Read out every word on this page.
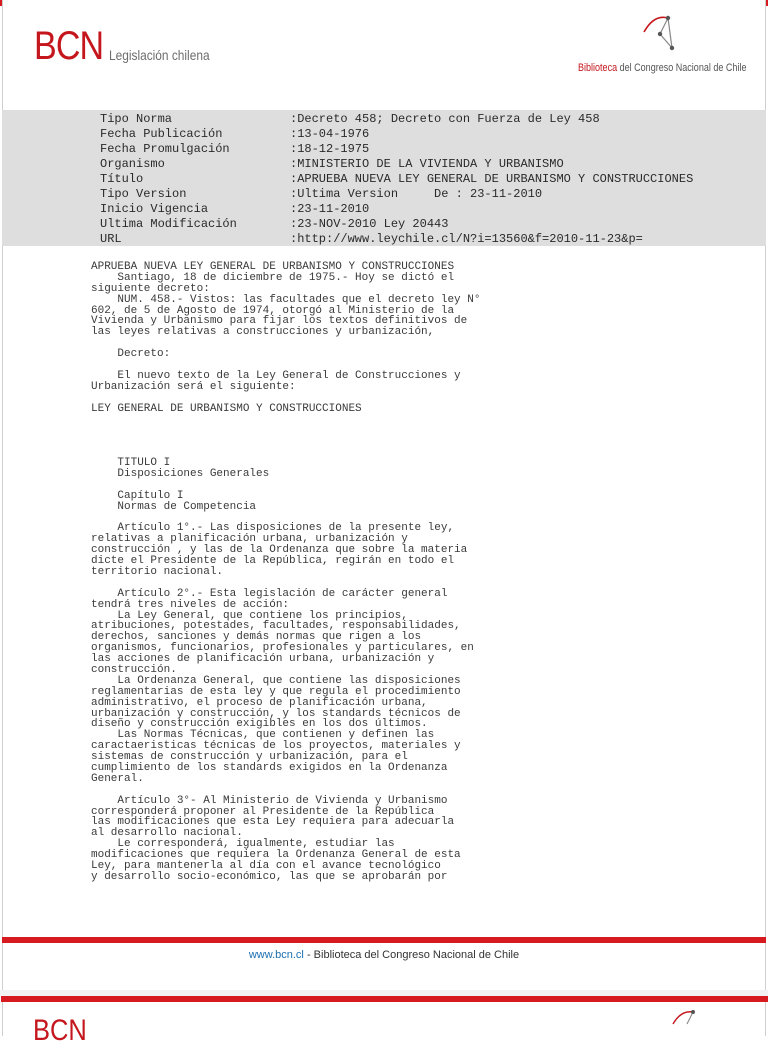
BCN Legislación chilena
Biblioteca del Congreso Nacional de Chile
Tipo Norma	:Decreto 458; Decreto con Fuerza de Ley 458
Fecha Publicación	:13-04-1976
Fecha Promulgación	:18-12-1975
Organismo	:MINISTERIO DE LA VIVIENDA Y URBANISMO
Título	:APRUEBA NUEVA LEY GENERAL DE URBANISMO Y CONSTRUCCIONES
Tipo Version	:Ultima Version     De : 23-11-2010
Inicio Vigencia	:23-11-2010
Ultima Modificación	:23-NOV-2010 Ley 20443
URL	:http://www.leychile.cl/N?i=13560&f=2010-11-23&p=
APRUEBA NUEVA LEY GENERAL DE URBANISMO Y CONSTRUCCIONES
Santiago, 18 de diciembre de 1975.- Hoy se dictó el
siguiente decreto:
NUM. 458.- Vistos: las facultades que el decreto ley N°
602, de 5 de Agosto de 1974, otorgó al Ministerio de la
Vivienda y Urbanismo para fijar los textos definitivos de
las leyes relativas a construcciones y urbanización,

Decreto:

El nuevo texto de la Ley General de Construcciones y
Urbanización será el siguiente:

LEY GENERAL DE URBANISMO Y CONSTRUCCIONES

TITULO I
Disposiciones Generales

Capítulo I
Normas de Competencia

Artículo 1°.- Las disposiciones de la presente ley,
relativas a planificación urbana, urbanización y
construcción , y las de la Ordenanza que sobre la materia
dicte el Presidente de la República, regirán en todo el
territorio nacional.

Artículo 2°.- Esta legislación de carácter general
tendrá tres niveles de acción:
La Ley General, que contiene los principios,
atribuciones, potestades, facultades, responsabilidades,
derechos, sanciones y demás normas que rigen a los
organismos, funcionarios, profesionales y particulares, en
las acciones de planificación urbana, urbanización y
construcción.
La Ordenanza General, que contiene las disposiciones
reglamentarias de esta ley y que regula el procedimiento
administrativo, el proceso de planificación urbana,
urbanización y construcción, y los standards técnicos de
diseño y construcción exigibles en los dos últimos.
Las Normas Técnicas, que contienen y definen las
caractaeristicas técnicas de los proyectos, materiales y
sistemas de construcción y urbanización, para el
cumplimiento de los standards exigidos en la Ordenanza
General.

Artículo 3°- Al Ministerio de Vivienda y Urbanismo
corresponderá proponer al Presidente de la República
las modificaciones que esta Ley requiera para adecuarla
al desarrollo nacional.
Le corresponderá, igualmente, estudiar las
modificaciones que requiera la Ordenanza General de esta
Ley, para mantenerla al día con el avance tecnológico
y desarrollo socio-económico, las que se aprobarán por
www.bcn.cl - Biblioteca del Congreso Nacional de Chile
BCN
